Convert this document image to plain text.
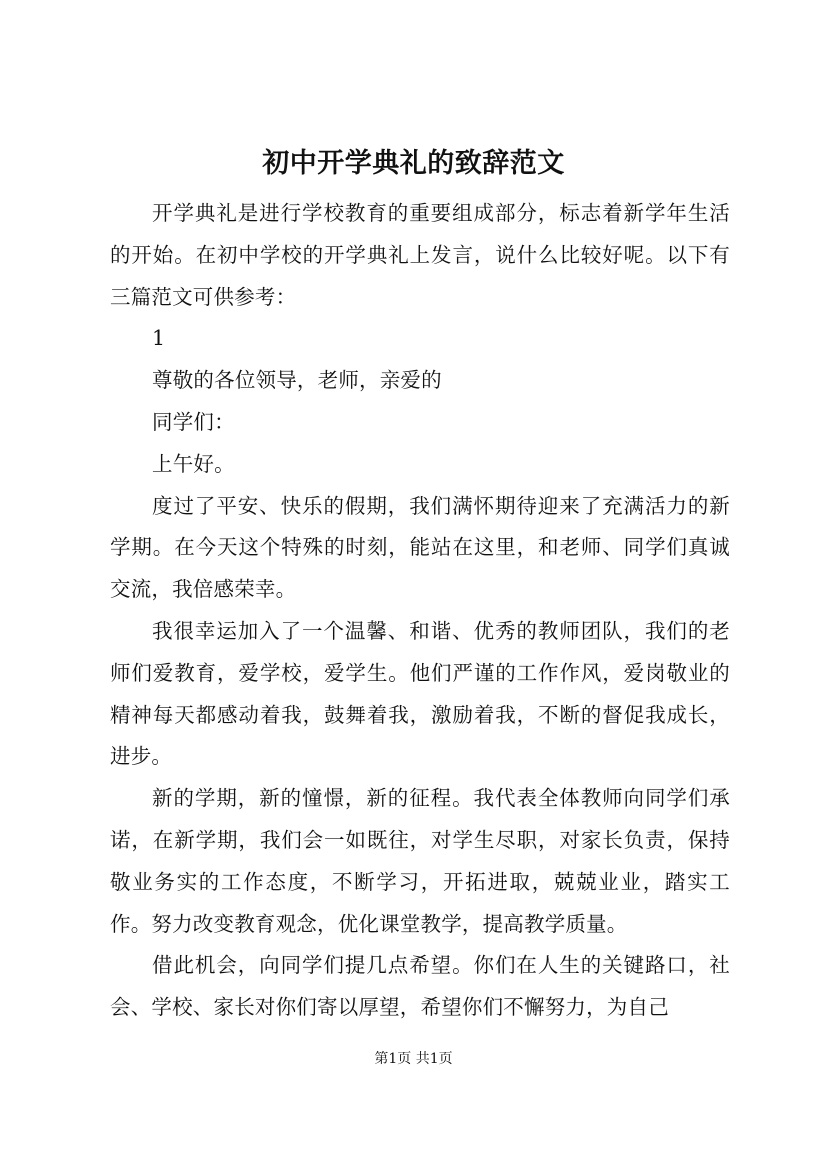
初中开学典礼的致辞范文

开学典礼是进行学校教育的重要组成部分，标志着新学年生活的开始。在初中学校的开学典礼上发言，说什么比较好呢。以下有三篇范文可供参考：

1

尊敬的各位领导，老师，亲爱的

同学们：

上午好。

度过了平安、快乐的假期，我们满怀期待迎来了充满活力的新学期。在今天这个特殊的时刻，能站在这里，和老师、同学们真诚交流，我倍感荣幸。

我很幸运加入了一个温馨、和谐、优秀的教师团队，我们的老师们爱教育，爱学校，爱学生。他们严谨的工作作风，爱岗敬业的精神每天都感动着我，鼓舞着我，激励着我，不断的督促我成长，进步。

新的学期，新的憧憬，新的征程。我代表全体教师向同学们承诺，在新学期，我们会一如既往，对学生尽职，对家长负责，保持敬业务实的工作态度，不断学习，开拓进取，兢兢业业，踏实工作。努力改变教育观念，优化课堂教学，提高教学质量。

借此机会，向同学们提几点希望。你们在人生的关键路口，社会、学校、家长对你们寄以厚望，希望你们不懈努力，为自己

第1页 共1页
